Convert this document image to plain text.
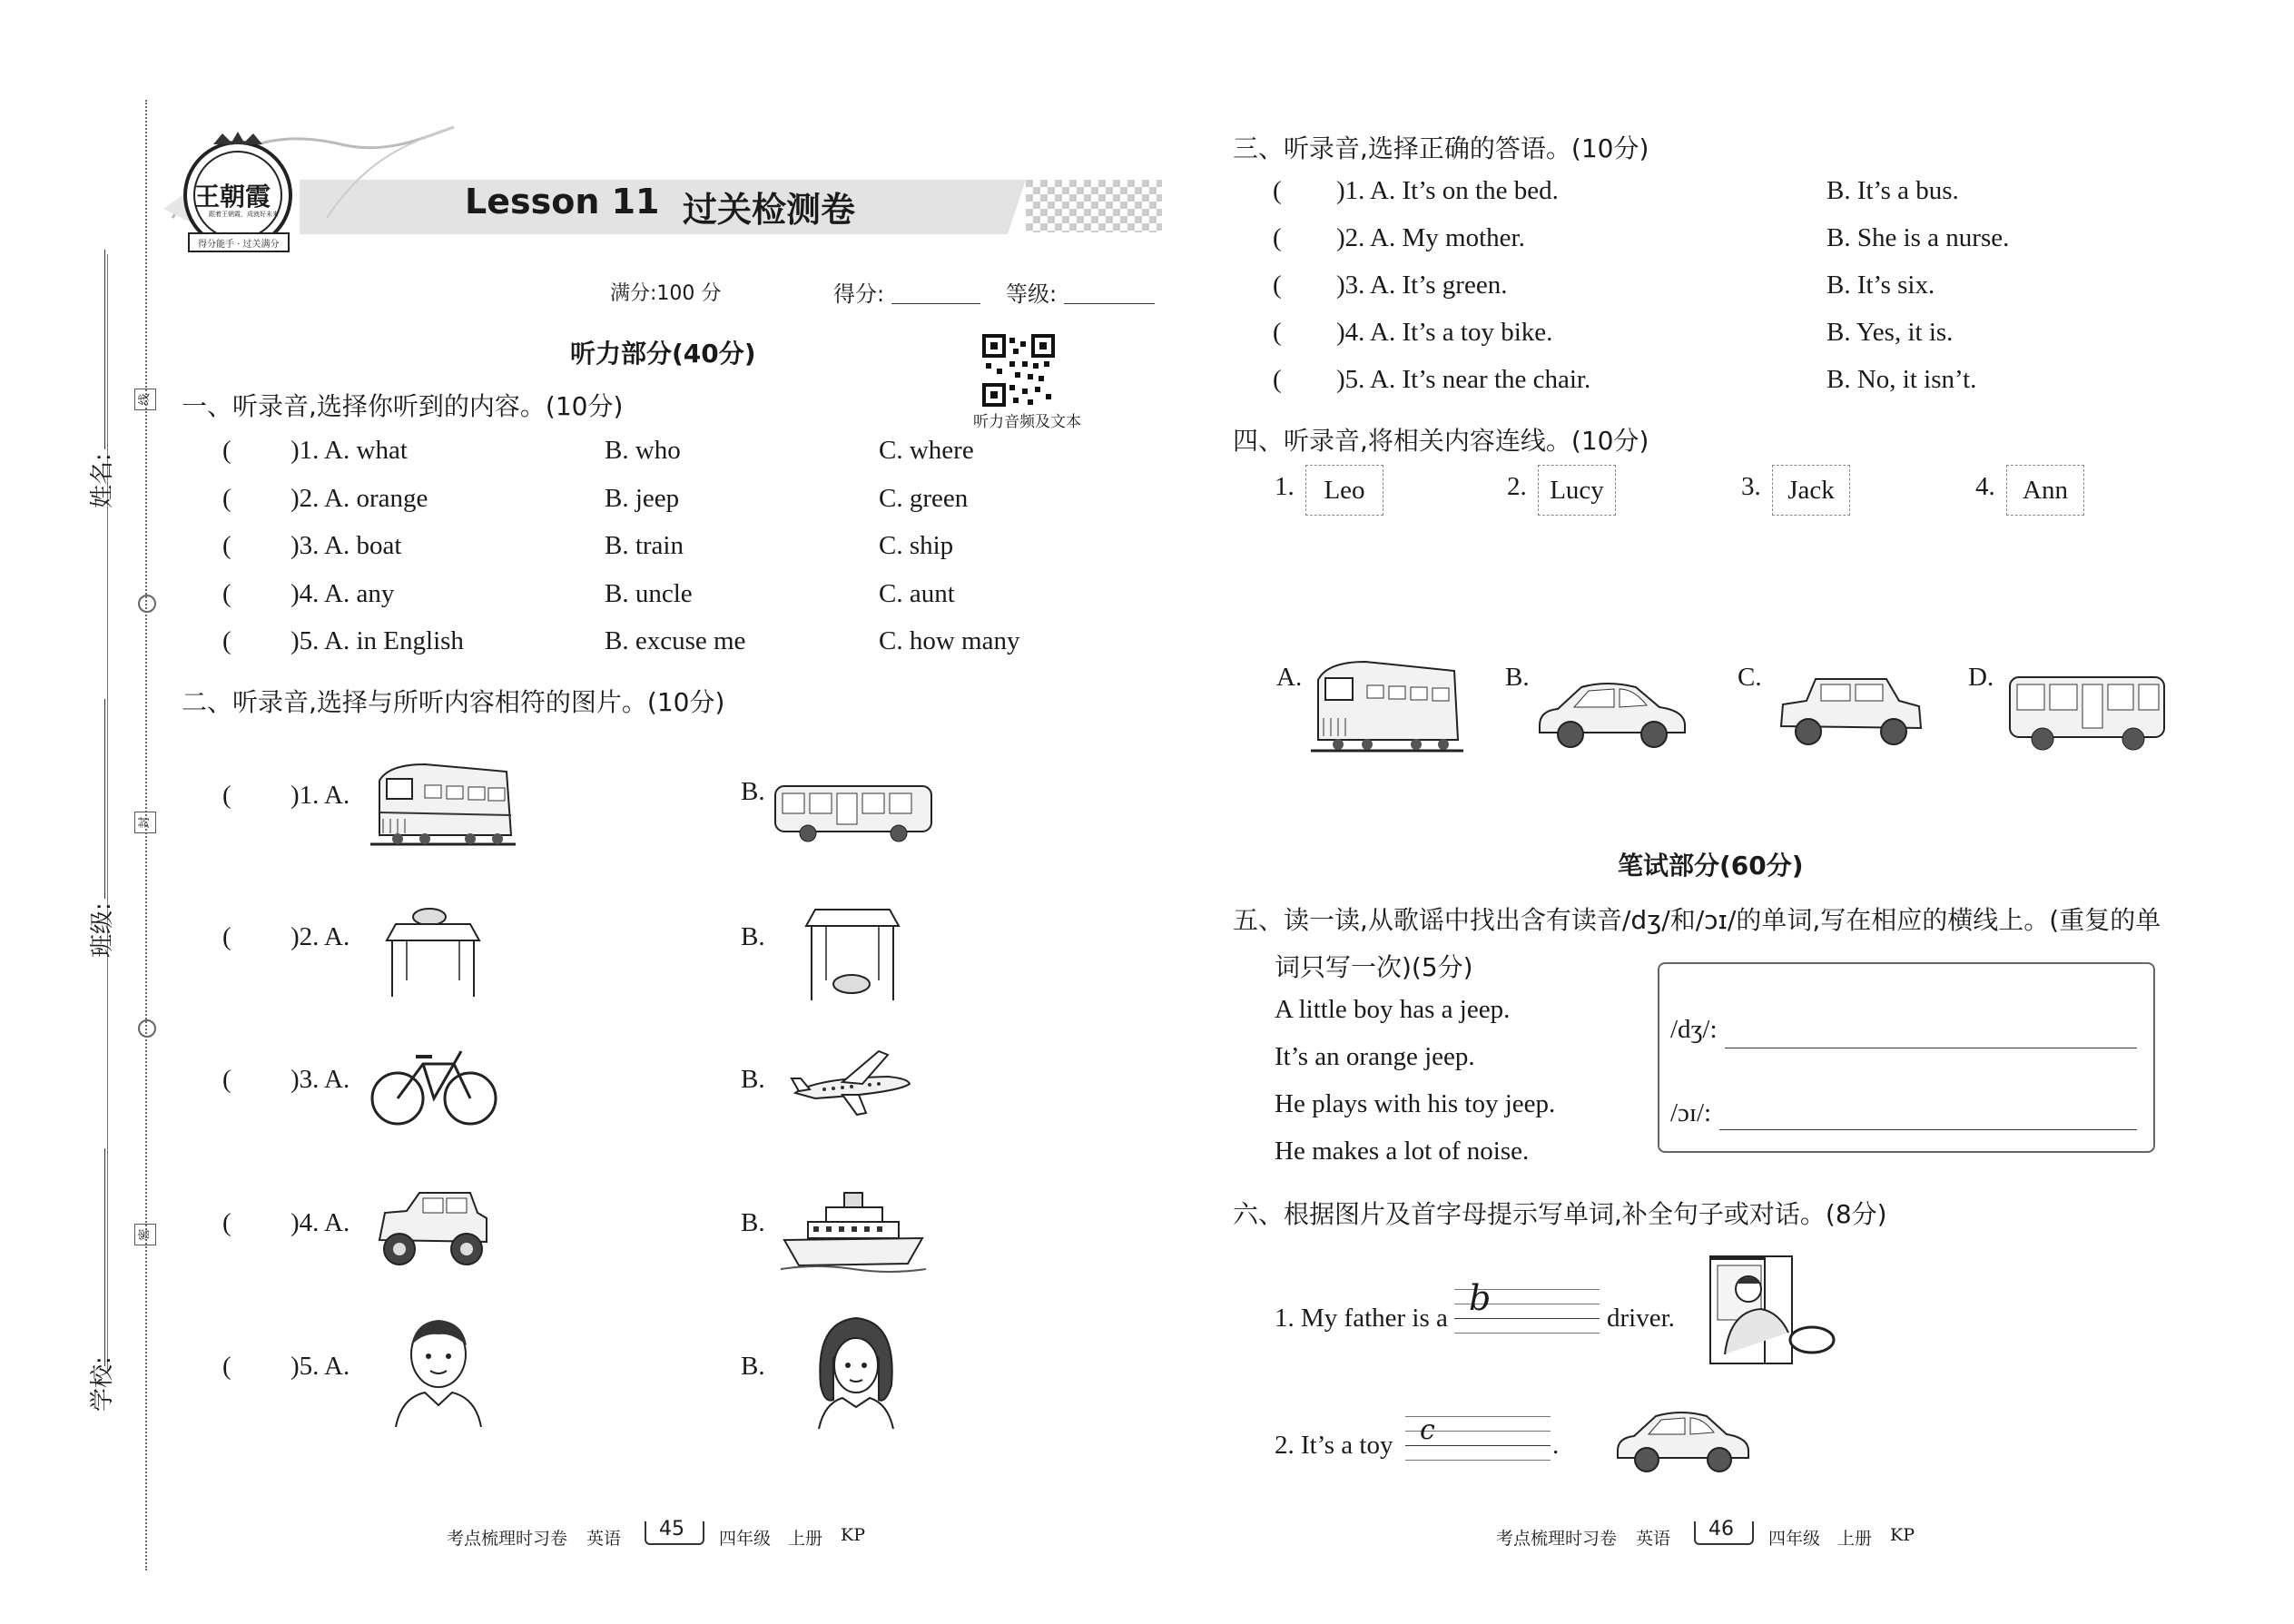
姓名:
线
班级:
封
学校:
密
王朝霞
跟着王朝霞，成就好未来
得分能手 · 过关满分
Lesson 11 过关检测卷
满分:100 分	得分:	等级:
听力音频及文本
听力部分(40分)
一、听录音,选择你听到的内容。(10分)
( )1. A. what	B. who	C. where
( )2. A. orange	B. jeep	C. green
( )3. A. boat	B. train	C. ship
( )4. A. any	B. uncle	C. aunt
( )5. A. in English	B. excuse me	C. how many
二、听录音,选择与所听内容相符的图片。(10分)
( )1. A.	B.
( )2. A.	B.
( )3. A.	B.
( )4. A.	B.
( )5. A.	B.
三、听录音,选择正确的答语。(10分)
( )1. A. It’s on the bed.	B. It’s a bus.
( )2. A. My mother.	B. She is a nurse.
( )3. A. It’s green.	B. It’s six.
( )4. A. It’s a toy bike.	B. Yes, it is.
( )5. A. It’s near the chair.	B. No, it isn’t.
四、听录音,将相关内容连线。(10分)
1.	Leo	2. Lucy	3.	Jack	4.	Ann
A.	B.	C.	D.
笔试部分(60分)
五、读一读,从歌谣中找出含有读音/dʒ/和/ɔɪ/的单词,写在相应的横线上。(重复的单
词只写一次)(5分)
A little boy has a jeep.
It’s an orange jeep.
He plays with his toy jeep.
He makes a lot of noise.
/dʒ/:
/ɔɪ/:
六、根据图片及首字母提示写单词,补全句子或对话。(8分)
1. My father is a b	driver.
2. It’s a toy c	.
考点梳理时习卷 英语 45 四年级 上册 KP	考点梳理时习卷 英语 46 四年级 上册 KP
